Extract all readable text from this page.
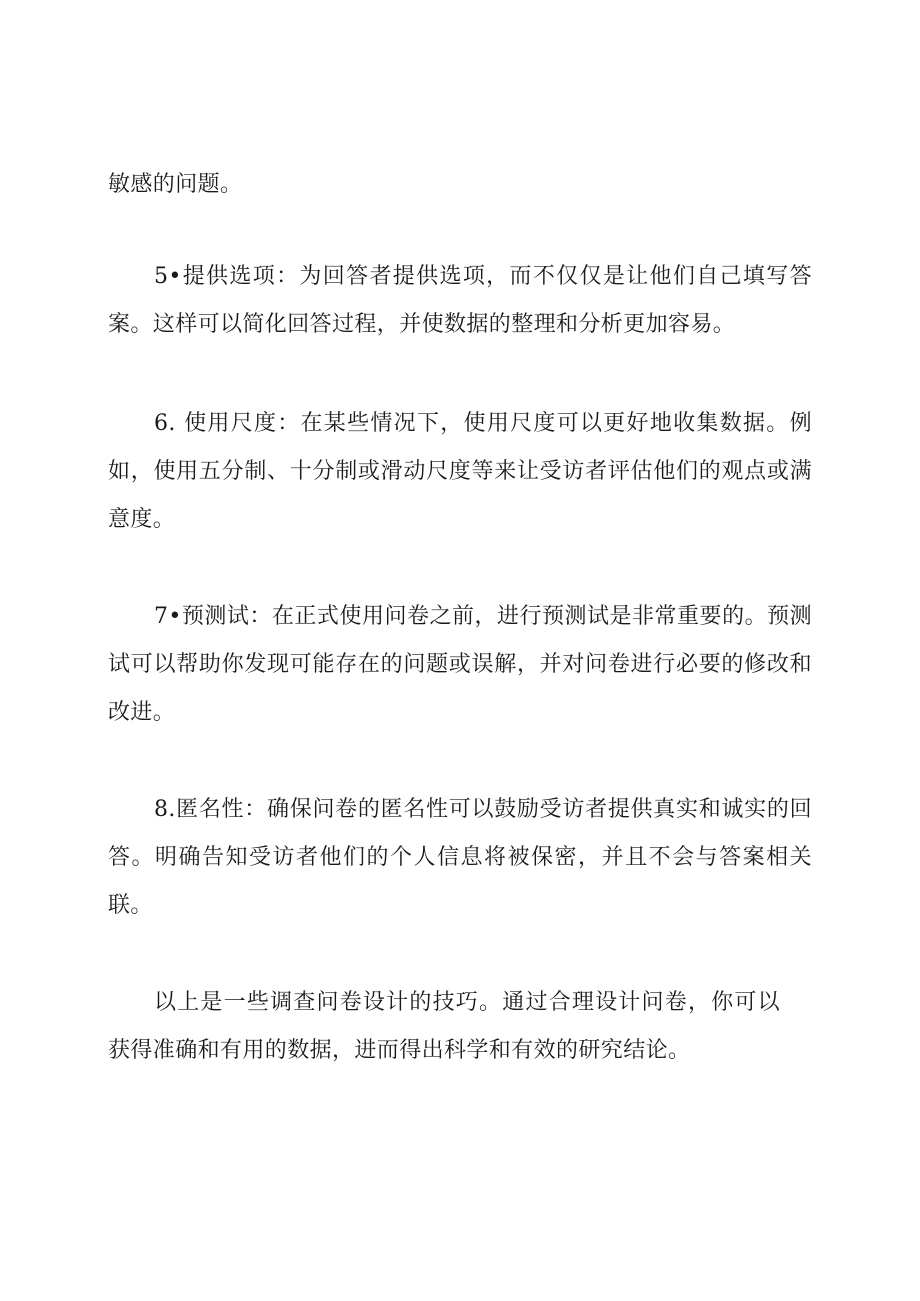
敏感的问题。

5•提供选项：为回答者提供选项，而不仅仅是让他们自己填写答案。这样可以简化回答过程，并使数据的整理和分析更加容易。

6. 使用尺度：在某些情况下，使用尺度可以更好地收集数据。例如，使用五分制、十分制或滑动尺度等来让受访者评估他们的观点或满意度。

7•预测试：在正式使用问卷之前，进行预测试是非常重要的。预测试可以帮助你发现可能存在的问题或误解，并对问卷进行必要的修改和改进。

8.匿名性：确保问卷的匿名性可以鼓励受访者提供真实和诚实的回答。明确告知受访者他们的个人信息将被保密，并且不会与答案相关联。

以上是一些调查问卷设计的技巧。通过合理设计问卷，你可以获得准确和有用的数据，进而得出科学和有效的研究结论。
